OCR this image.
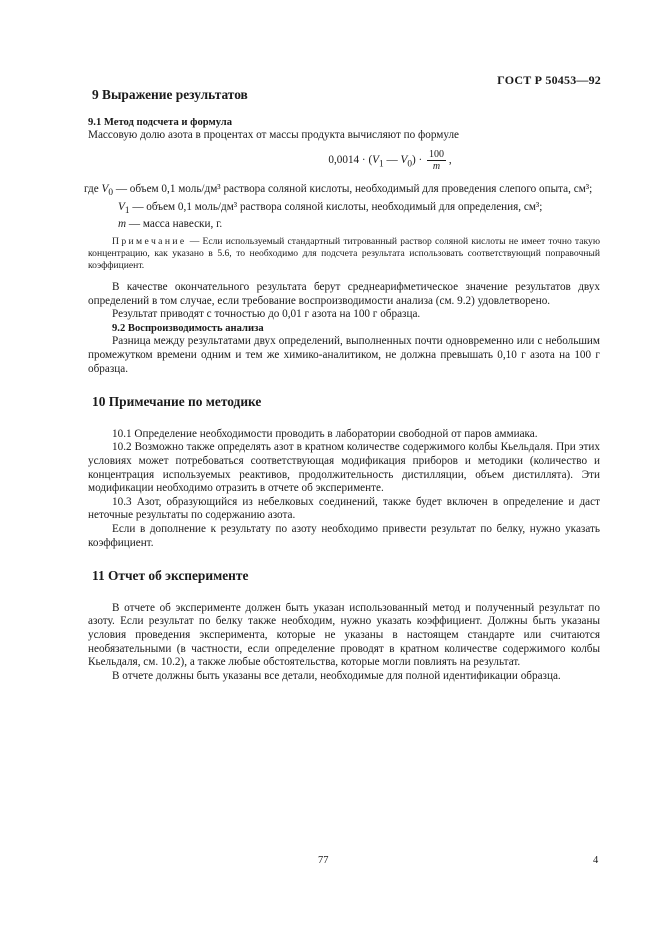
ГОСТ Р 50453—92
9 Выражение результатов
9.1 Метод подсчета и формула

Массовую долю азота в процентах от массы продукта вычисляют по формуле

$0,0014 \cdot (V_1$ — $V_0) \cdot \frac{100}{m}$ ,

где $V_0$ — объем 0,1 моль/дм³ раствора соляной кислоты, необходимый для проведения слепого опыта, см³;

$V_1$ — объем 0,1 моль/дм³ раствора соляной кислоты, необходимый для определения, см³;

m — масса навески, г.

Примечание — Если используемый стандартный титрованный раствор соляной кислоты не имеет точно такую концентрацию, как указано в 5.6, то необходимо для подсчета результата использовать соответствующий поправочный коэффициент.

В качестве окончательного результата берут среднеарифметическое значение результатов двух определений в том случае, если требование воспроизводимости анализа (см. 9.2) удовлетворено.

Результат приводят с точностью до 0,01 г азота на 100 г образца.

9.2 Воспроизводимость анализа

Разница между результатами двух определений, выполненных почти одновременно или с небольшим промежутком времени одним и тем же химико-аналитиком, не должна превышать 0,10 г азота на 100 г образца.

10 Примечание по методике

10.1 Определение необходимости проводить в лаборатории свободной от паров аммиака.

10.2 Возможно также определять азот в кратном количестве содержимого колбы Кьельдаля. При этих условиях может потребоваться соответствующая модификация приборов и методики (количество и концентрация используемых реактивов, продолжительность дистилляции, объем дистиллята). Эти модификации необходимо отразить в отчете об эксперименте.

10.3 Азот, образующийся из небелковых соединений, также будет включен в определение и даст неточные результаты по содержанию азота.

Если в дополнение к результату по азоту необходимо привести результат по белку, нужно указать коэффициент.

11 Отчет об эксперименте

В отчете об эксперименте должен быть указан использованный метод и полученный результат по азоту. Если результат по белку также необходим, нужно указать коэффициент. Должны быть указаны условия проведения эксперимента, которые не указаны в настоящем стандарте или считаются необязательными (в частности, если определение проводят в кратном количестве содержимого колбы Кьельдаля, см. 10.2), а также любые обстоятельства, которые могли повлиять на результат.

В отчете должны быть указаны все детали, необходимые для полной идентификации образца.

77	4
